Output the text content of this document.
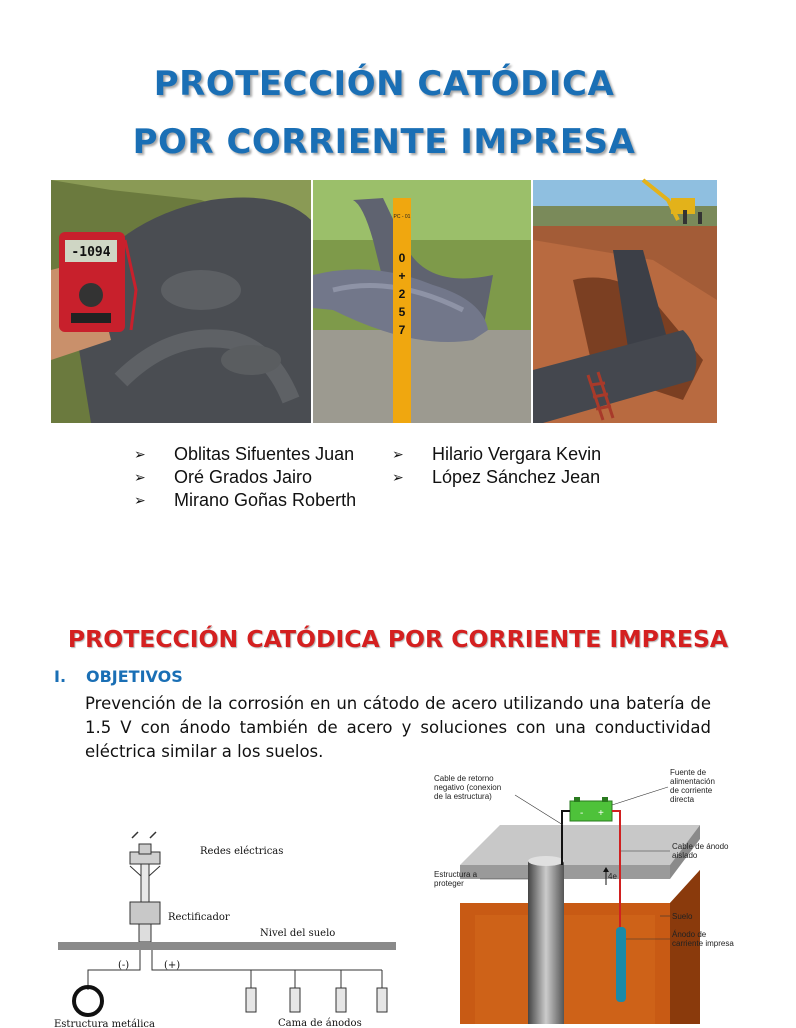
PROTECCIÓN CATÓDICA
POR CORRIENTE IMPRESA
-1094
PC - 01
0
+
2
5
7
➢	Oblitas Sifuentes Juan
➢	Oré Grados Jairo
➢	Mirano Goñas Roberth
➢	Hilario Vergara Kevin
➢	López Sánchez Jean
PROTECCIÓN CATÓDICA POR CORRIENTE IMPRESA
I. OBJETIVOS
Prevención de la corrosión en un cátodo de acero utilizando una batería de 1.5 V con ánodo también de acero y soluciones con una conductividad eléctrica similar a los suelos.
Redes eléctricas
Rectificador
Nivel del suelo
(-)	(+)
Estructura metálica	Cama de ánodos
- +
4e
Cable de retorno negativo (conexion de la estructura)
Fuente de alimentación de corriente directa
Cable de ánodo aislado
Estructura a proteger
Suelo
Ánodo de carriente impresa
